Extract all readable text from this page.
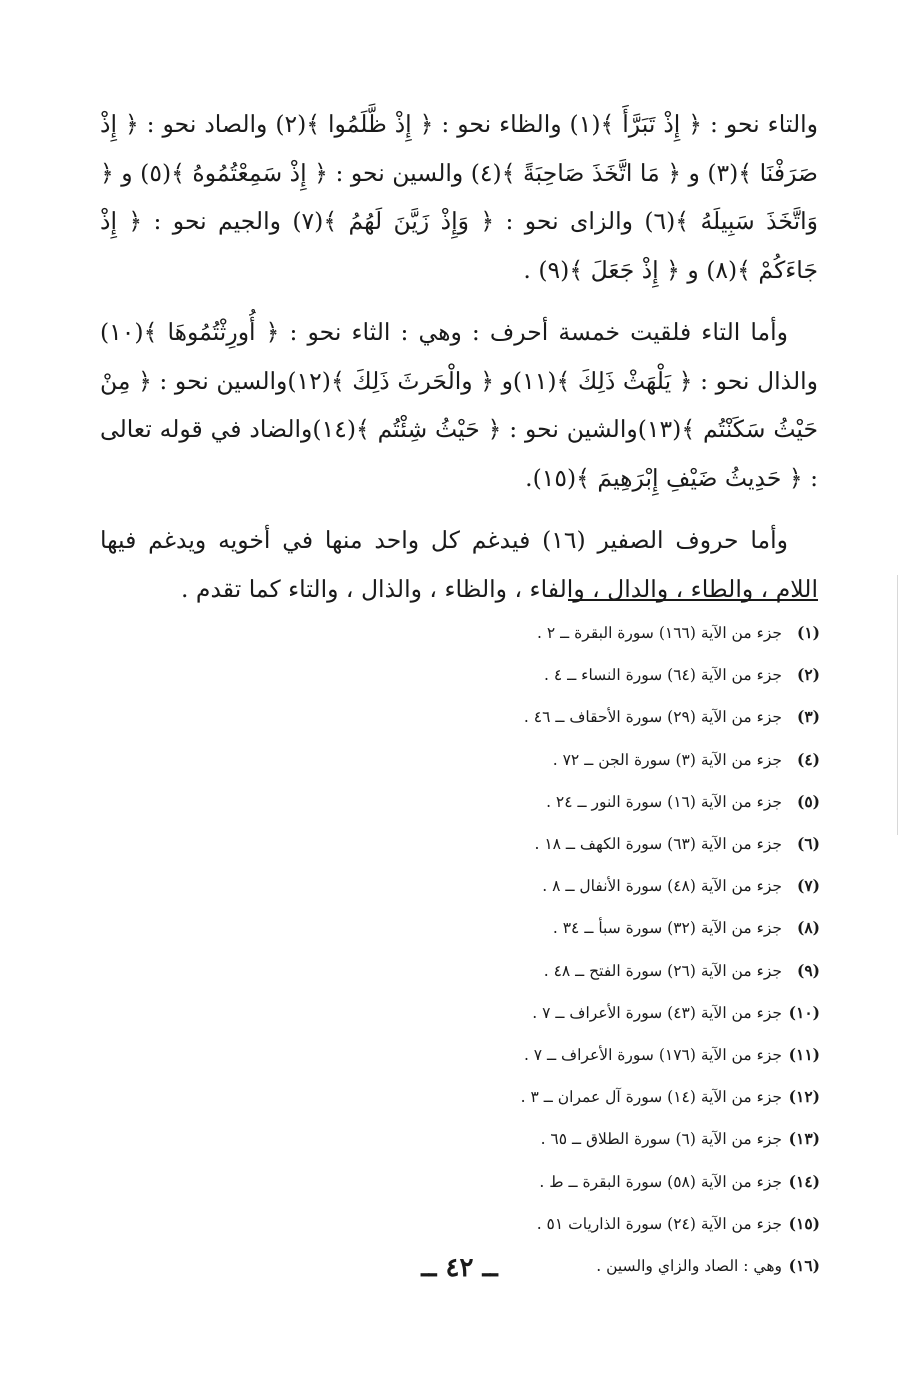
والتاء نحو : ﴿ إِذْ تَبَرَّأَ ﴾(١) والظاء نحو : ﴿ إِذْ ظَّلَمُوا ﴾(٢) والصاد نحو : ﴿ إِذْ صَرَفْنَا ﴾(٣) و ﴿ مَا اتَّخَذَ صَاحِبَةً ﴾(٤) والسين نحو : ﴿ إِذْ سَمِعْتُمُوهُ ﴾(٥) و ﴿ وَاتَّخَذَ سَبِيلَهُ ﴾(٦) والزاى نحو : ﴿ وَإِذْ زَيَّنَ لَهُمُ ﴾(٧) والجيم نحو : ﴿ إِذْ جَاءَكُمْ ﴾(٨) و ﴿ إِذْ جَعَلَ ﴾(٩) .

وأما التاء فلقيت خمسة أحرف : وهي : الثاء نحو : ﴿ أُورِثْتُمُوهَا ﴾(١٠) والذال نحو : ﴿ يَلْهَثْ ذَلِكَ ﴾(١١)و ﴿ والْحَرثَ ذَلِكَ ﴾(١٢)والسين نحو : ﴿ مِنْ حَيْثُ سَكَنْتُم ﴾(١٣)والشين نحو : ﴿ حَيْثُ شِئْتُم ﴾(١٤)والضاد في قوله تعالى : ﴿ حَدِيثُ ضَيْفِ إِبْرَهِيمَ ﴾(١٥).

وأما حروف الصفير (١٦) فيدغم كل واحد منها في أخويه ويدغم فيها اللام ، والطاء ، والدال ، والفاء ، والظاء ، والذال ، والتاء كما تقدم .

(١)جزء من الآية (١٦٦) سورة البقرة ــ ٢ .
(٢)جزء من الآية (٦٤) سورة النساء ــ ٤ .
(٣)جزء من الآية (٢٩) سورة الأحقاف ــ ٤٦ .
(٤)جزء من الآية (٣) سورة الجن ــ ٧٢ .
(٥)جزء من الآية (١٦) سورة النور ــ ٢٤ .
(٦)جزء من الآية (٦٣) سورة الكهف ــ ١٨ .
(٧)جزء من الآية (٤٨) سورة الأنفال ــ ٨ .
(٨)جزء من الآية (٣٢) سورة سبأ ــ ٣٤ .
(٩)جزء من الآية (٢٦) سورة الفتح ــ ٤٨ .
(١٠)جزء من الآية (٤٣) سورة الأعراف ــ ٧ .
(١١)جزء من الآية (١٧٦) سورة الأعراف ــ ٧ .
(١٢)جزء من الآية (١٤) سورة آل عمران ــ ٣ .
(١٣)جزء من الآية (٦) سورة الطلاق ــ ٦٥ .
(١٤)جزء من الآية (٥٨) سورة البقرة ــ ط .
(١٥)جزء من الآية (٢٤) سورة الذاريات ٥١ .
(١٦)وهي : الصاد والزاي والسين .
ــ ٤٢ ــ
